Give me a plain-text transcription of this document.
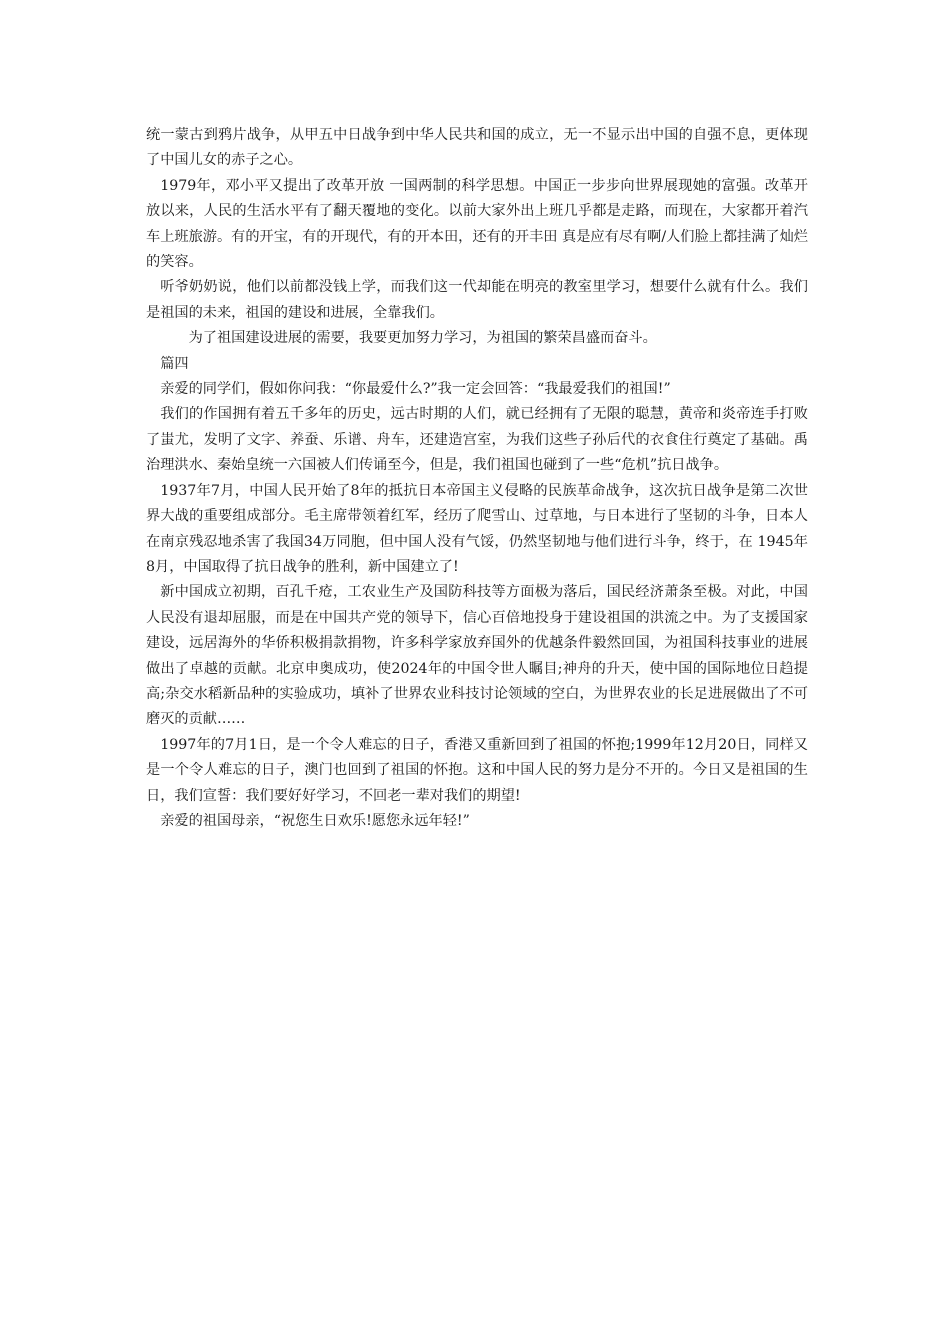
统一蒙古到鸦片战争，从甲五中日战争到中华人民共和国的成立，无一不显示出中国的自强不息，更体现了中国儿女的赤子之心。

1979年，邓小平又提出了改革开放 一国两制的科学思想。中国正一步步向世界展现她的富强。改革开放以来，人民的生活水平有了翻天覆地的变化。以前大家外出上班几乎都是走路，而现在，大家都开着汽车上班旅游。有的开宝，有的开现代，有的开本田，还有的开丰田 真是应有尽有啊/人们脸上都挂满了灿烂的笑容。

听爷奶奶说，他们以前都没钱上学，而我们这一代却能在明亮的教室里学习，想要什么就有什么。我们是祖国的未来，祖国的建设和进展，全靠我们。

为了祖国建设进展的需要，我要更加努力学习，为祖国的繁荣昌盛而奋斗。

篇四

亲爱的同学们，假如你问我：“你最爱什么?”我一定会回答：“我最爱我们的祖国!”

我们的作国拥有着五千多年的历史，远古时期的人们，就已经拥有了无限的聪慧，黄帝和炎帝连手打败了蚩尤，发明了文字、养蚕、乐谱、舟车，还建造宫室，为我们这些子孙后代的衣食住行奠定了基础。禹治理洪水、秦始皇统一六国被人们传诵至今，但是，我们祖国也碰到了一些“危机”抗日战争。

1937年7月，中国人民开始了8年的抵抗日本帝国主义侵略的民族革命战争，这次抗日战争是第二次世界大战的重要组成部分。毛主席带领着红军，经历了爬雪山、过草地，与日本进行了坚韧的斗争，日本人在南京残忍地杀害了我国34万同胞，但中国人没有气馁，仍然坚韧地与他们进行斗争，终于，在 1945年8月，中国取得了抗日战争的胜利，新中国建立了!

新中国成立初期，百孔千疮，工农业生产及国防科技等方面极为落后，国民经济萧条至极。对此，中国人民没有退却屈服，而是在中国共产党的领导下，信心百倍地投身于建设祖国的洪流之中。为了支援国家建设，远居海外的华侨积极捐款捐物，许多科学家放弃国外的优越条件毅然回国，为祖国科技事业的进展做出了卓越的贡献。北京申奥成功，使2024年的中国令世人瞩目;神舟的升天，使中国的国际地位日趋提高;杂交水稻新品种的实验成功，填补了世界农业科技讨论领域的空白，为世界农业的长足进展做出了不可磨灭的贡献……

1997年的7月1日，是一个令人难忘的日子，香港又重新回到了祖国的怀抱;1999年12月20日，同样又是一个令人难忘的日子，澳门也回到了祖国的怀抱。这和中国人民的努力是分不开的。今日又是祖国的生日，我们宣誓：我们要好好学习，不回老一辈对我们的期望!

亲爱的祖国母亲，“祝您生日欢乐!愿您永远年轻!”
